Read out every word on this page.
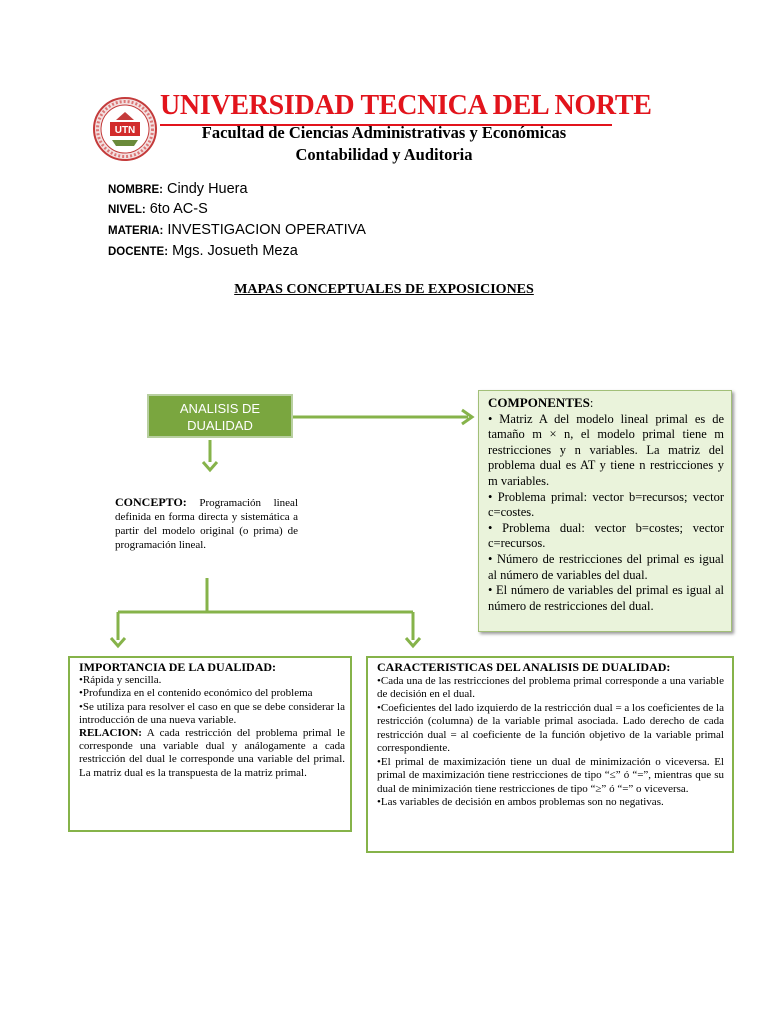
UTN
UNIVERSIDAD TECNICA DEL NORTE
Facultad de Ciencias Administrativas y Económicas
Contabilidad y Auditoria
NOMBRE: Cindy Huera
NIVEL: 6to AC-S
MATERIA: INVESTIGACION OPERATIVA
DOCENTE: Mgs. Josueth Meza
MAPAS CONCEPTUALES DE EXPOSICIONES
ANALISIS DE
DUALIDAD
CONCEPTO: Programación lineal definida en forma directa y sistemática a partir del modelo original (o prima) de programación lineal.
COMPONENTES:

• Matriz A del modelo lineal primal es de tamaño m × n, el modelo primal tiene m restricciones y n variables. La matriz del problema dual es AT y tiene n restricciones y m variables.

• Problema primal: vector b=recursos; vector c=costes.

• Problema dual: vector b=costes; vector c=recursos.

• Número de restricciones del primal es igual al número de variables del dual.

• El número de variables del primal es igual al número de restricciones del dual.

IMPORTANCIA DE LA DUALIDAD:

•Rápida y sencilla.

•Profundiza en el contenido económico del problema

•Se utiliza para resolver el caso en que se debe considerar la introducción de una nueva variable.

RELACION: A cada restricción del problema primal le corresponde una variable dual y análogamente a cada restricción del dual le corresponde una variable del primal. La matriz dual es la transpuesta de la matriz primal.

CARACTERISTICAS DEL ANALISIS DE DUALIDAD:

•Cada una de las restricciones del problema primal corresponde a una variable de decisión en el dual.

•Coeficientes del lado izquierdo de la restricción dual = a los coeficientes de la restricción (columna) de la variable primal asociada. Lado derecho de cada restricción dual = al coeficiente de la función objetivo de la variable primal correspondiente.

•El primal de maximización tiene un dual de minimización o viceversa. El primal de maximización tiene restricciones de tipo “≤” ó “=”, mientras que su dual de minimización tiene restricciones de tipo “≥” ó “=” o viceversa.

•Las variables de decisión en ambos problemas son no negativas.
